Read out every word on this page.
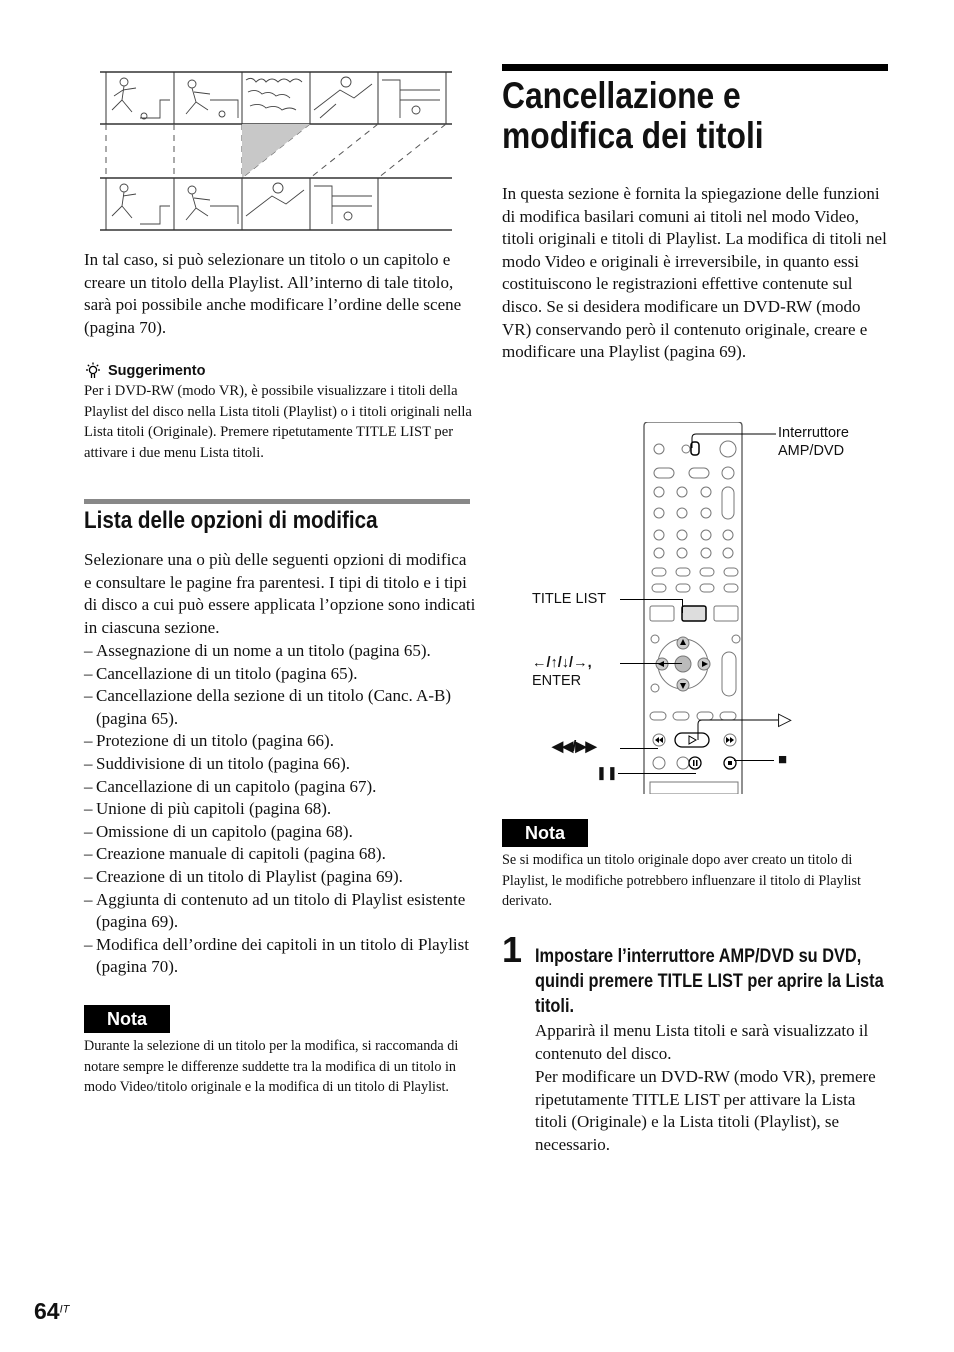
In tal caso, si può selezionare un titolo o un capitolo e creare un titolo della Playlist. All’interno di tale titolo, sarà poi possibile anche modificare l’ordine delle scene (pagina 70).
Suggerimento
Per i DVD-RW (modo VR), è possibile visualizzare i titoli della Playlist del disco nella Lista titoli (Playlist) o i titoli originali nella Lista titoli (Originale). Premere ripetutamente TITLE LIST per attivare i due menu Lista titoli.
Lista delle opzioni di modifica
Selezionare una o più delle seguenti opzioni di modifica e consultare le pagine fra parentesi. I tipi di titolo e i tipi di disco a cui può essere applicata l’opzione sono indicati in ciascuna sezione.
– Assegnazione di un nome a un titolo (pagina 65).
– Cancellazione di un titolo (pagina 65).
– Cancellazione della sezione di un titolo (Canc. A-B) (pagina 65).
– Protezione di un titolo (pagina 66).
– Suddivisione di un titolo (pagina 66).
– Cancellazione di un capitolo (pagina 67).
– Unione di più capitoli (pagina 68).
– Omissione di un capitolo (pagina 68).
– Creazione manuale di capitoli (pagina 68).
– Creazione di un titolo di Playlist (pagina 69).
– Aggiunta di contenuto ad un titolo di Playlist esistente (pagina 69).
– Modifica dell’ordine dei capitoli in un titolo di Playlist (pagina 70).
Nota
Durante la selezione di un titolo per la modifica, si raccomanda di notare sempre le differenze suddette tra la modifica di un titolo in modo Video/titolo originale e la modifica di un titolo di Playlist.
Cancellazione e modifica dei titoli
In questa sezione è fornita la spiegazione delle funzioni di modifica basilari comuni ai titoli nel modo Video, titoli originali e titoli di Playlist. La modifica di titoli nel modo Video e originali è irreversibile, in quanto essi costituiscono le registrazioni effettive contenute sul disco. Se si desidera modificare un DVD-RW (modo VR) conservando però il contenuto originale, creare e modificare una Playlist (pagina 69).
Interruttore
AMP/DVD
TITLE LIST
←/↑/↓/→,
ENTER
▷
◀◀/▶▶
■
❚❚
Nota
Se si modifica un titolo originale dopo aver creato un titolo di Playlist, le modifiche potrebbero influenzare il titolo di Playlist derivato.
1 Impostare l’interruttore AMP/DVD su DVD, quindi premere TITLE LIST per aprire la Lista titoli.
Apparirà il menu Lista titoli e sarà visualizzato il contenuto del disco.
Per modificare un DVD-RW (modo VR), premere ripetutamente TITLE LIST per attivare la Lista titoli (Originale) e la Lista titoli (Playlist), se necessario.
$64^{IT}$
